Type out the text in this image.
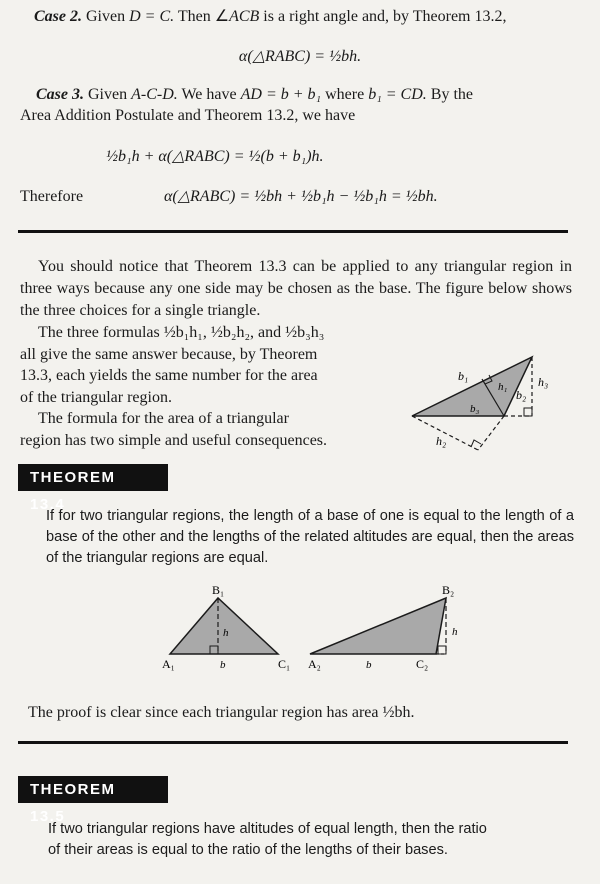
Case 2. Given D = C. Then ∠ACB is a right angle and, by Theorem 13.2,
α(△RABC) = ½bh.
Case 3. Given A-C-D. We have AD = b + b₁ where b₁ = CD. By the
Area Addition Postulate and Theorem 13.2, we have
½b₁h + α(△RABC) = ½(b + b₁)h.
Therefore	α(△RABC) = ½bh + ½b₁h − ½b₁h = ½bh.
You should notice that Theorem 13.3 can be applied to any triangular region in three ways because any one side may be chosen as the base. The figure below shows the three choices for a single triangle.
The three formulas ½b₁h₁, ½b₂h₂, and ½b₃h₃
all give the same answer because, by Theorem
13.3, each yields the same number for the area
of the triangular region.
The formula for the area of a triangular
region has two simple and useful consequences.
b₁
h₁
b₃
b₂
h₃
h₂
THEOREM 13.4
If for two triangular regions, the length of a base of one is equal to the length of a base of the other and the lengths of the related altitudes are equal, then the areas of the triangular regions are equal.
B₁
A₁	C₁
h
b
B₂
A₂	C₂
h
b
The proof is clear since each triangular region has area ½bh.
THEOREM 13.5
If two triangular regions have altitudes of equal length, then the ratio
of their areas is equal to the ratio of the lengths of their bases.
